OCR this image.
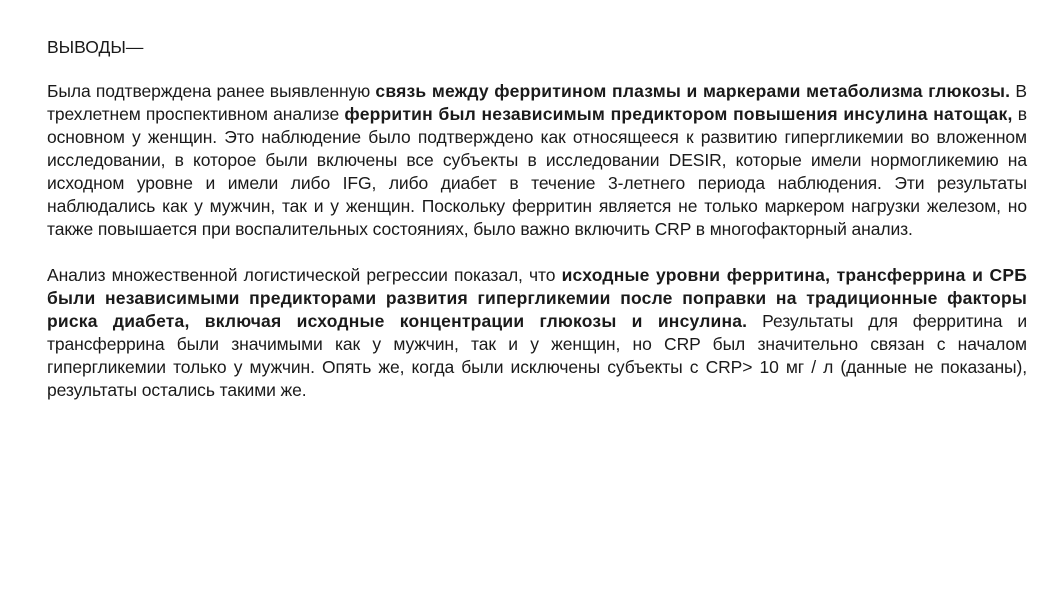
ВЫВОДЫ—

Была подтверждена ранее выявленную связь между ферритином плазмы и маркерами метаболизма глюкозы. В трехлетнем проспективном анализе ферритин был независимым предиктором повышения инсулина натощак, в основном у женщин. Это наблюдение было подтверждено как относящееся к развитию гипергликемии во вложенном исследовании, в которое были включены все субъекты в исследовании DESIR, которые имели нормогликемию на исходном уровне и имели либо IFG, либо диабет в течение 3-летнего периода наблюдения. Эти результаты наблюдались как у мужчин, так и у женщин. Поскольку ферритин является не только маркером нагрузки железом, но также повышается при воспалительных состояниях, было важно включить CRP в многофакторный анализ.

Анализ множественной логистической регрессии показал, что исходные уровни ферритина, трансферрина и СРБ были независимыми предикторами развития гипергликемии после поправки на традиционные факторы риска диабета, включая исходные концентрации глюкозы и инсулина. Результаты для ферритина и трансферрина были значимыми как у мужчин, так и у женщин, но CRP был значительно связан с началом гипергликемии только у мужчин. Опять же, когда были исключены субъекты с CRP> 10 мг / л (данные не показаны), результаты остались такими же.
